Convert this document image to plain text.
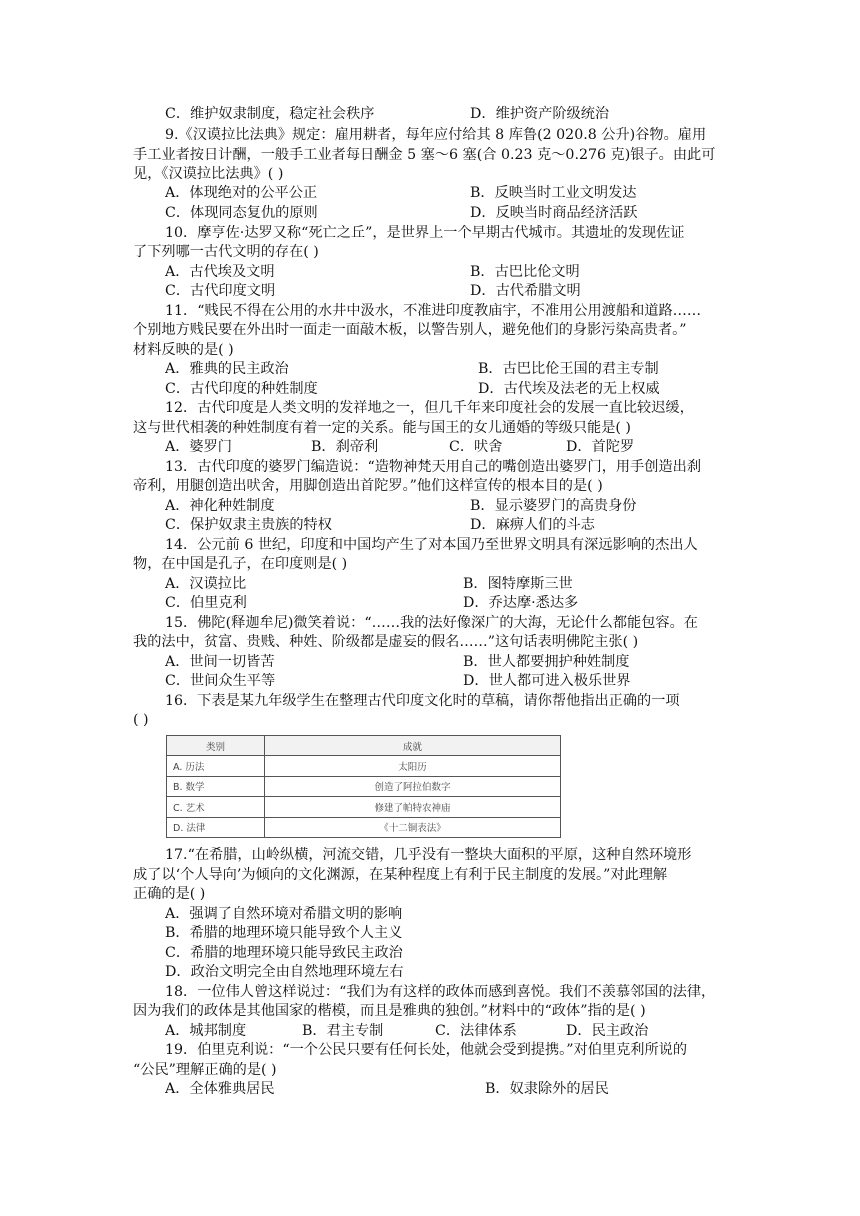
C．维护奴隶制度，稳定社会秩序	D．维护资产阶级统治
9.《汉谟拉比法典》规定：雇用耕者，每年应付给其 8 库鲁(2 020.8 公升)谷物。雇用
手工业者按日计酬，一般手工业者每日酬金 5 塞～6 塞(合 0.23 克～0.276 克)银子。由此可
见，《汉谟拉比法典》( )
A．体现绝对的公平公正	B．反映当时工业文明发达
C．体现同态复仇的原则	D．反映当时商品经济活跃
10．摩亨佐·达罗又称“死亡之丘”，是世界上一个早期古代城市。其遗址的发现佐证
了下列哪一古代文明的存在( )
A．古代埃及文明	B．古巴比伦文明
C．古代印度文明	D．古代希腊文明
11．“贱民不得在公用的水井中汲水，不准进印度教庙宇，不准用公用渡船和道路……
个别地方贱民要在外出时一面走一面敲木板，以警告别人，避免他们的身影污染高贵者。”
材料反映的是( )
A．雅典的民主政治	B．古巴比伦王国的君主专制
C．古代印度的种姓制度	D．古代埃及法老的无上权威
12．古代印度是人类文明的发祥地之一，但几千年来印度社会的发展一直比较迟缓，
这与世代相袭的种姓制度有着一定的关系。能与国王的女儿通婚的等级只能是( )
A．婆罗门	B．刹帝利	C．吠舍	D．首陀罗
13．古代印度的婆罗门编造说：“造物神梵天用自己的嘴创造出婆罗门，用手创造出刹
帝利，用腿创造出吠舍，用脚创造出首陀罗。”他们这样宣传的根本目的是( )
A．神化种姓制度	B．显示婆罗门的高贵身份
C．保护奴隶主贵族的特权	D．麻痹人们的斗志
14．公元前 6 世纪，印度和中国均产生了对本国乃至世界文明具有深远影响的杰出人
物，在中国是孔子，在印度则是( )
A．汉谟拉比	B．图特摩斯三世
C．伯里克利	D．乔达摩·悉达多
15．佛陀(释迦牟尼)微笑着说：“……我的法好像深广的大海，无论什么都能包容。在
我的法中，贫富、贵贱、种姓、阶级都是虚妄的假名……”这句话表明佛陀主张( )
A．世间一切皆苦	B．世人都要拥护种姓制度
C．世间众生平等	D．世人都可进入极乐世界
16．下表是某九年级学生在整理古代印度文化时的草稿，请你帮他指出正确的一项
( )
类别	成就
A. 历法	太阳历
B. 数学	创造了阿拉伯数字
C. 艺术	修建了帕特农神庙
D. 法律	《十二铜表法》
17.“在希腊，山岭纵横，河流交错，几乎没有一整块大面积的平原，这种自然环境形
成了以‘个人导向’为倾向的文化渊源，在某种程度上有利于民主制度的发展。”对此理解
正确的是( )
A．强调了自然环境对希腊文明的影响
B．希腊的地理环境只能导致个人主义
C．希腊的地理环境只能导致民主政治
D．政治文明完全由自然地理环境左右
18．一位伟人曾这样说过：“我们为有这样的政体而感到喜悦。我们不羡慕邻国的法律，
因为我们的政体是其他国家的楷模，而且是雅典的独创。”材料中的“政体”指的是( )
A．城邦制度	B．君主专制	C．法律体系	D．民主政治
19．伯里克利说：“一个公民只要有任何长处，他就会受到提携。”对伯里克利所说的
“公民”理解正确的是( )
A．全体雅典居民	B．奴隶除外的居民
